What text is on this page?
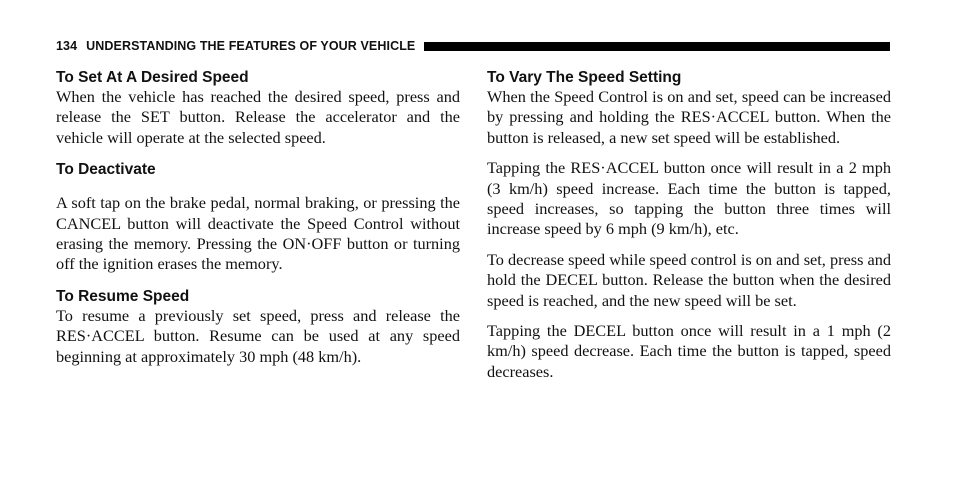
134 UNDERSTANDING THE FEATURES OF YOUR VEHICLE
To Set At A Desired Speed

When the vehicle has reached the desired speed, press and release the SET button. Release the accelerator and the vehicle will operate at the selected speed.

To Deactivate

A soft tap on the brake pedal, normal braking, or pressing the CANCEL button will deactivate the Speed Control without erasing the memory. Pressing the ON·OFF button or turning off the ignition erases the memory.

To Resume Speed

To resume a previously set speed, press and release the RES·ACCEL button. Resume can be used at any speed beginning at approximately 30 mph (48 km/h).

To Vary The Speed Setting

When the Speed Control is on and set, speed can be increased by pressing and holding the RES·ACCEL button. When the button is released, a new set speed will be established.

Tapping the RES·ACCEL button once will result in a 2 mph (3 km/h) speed increase. Each time the button is tapped, speed increases, so tapping the button three times will increase speed by 6 mph (9 km/h), etc.

To decrease speed while speed control is on and set, press and hold the DECEL button. Release the button when the desired speed is reached, and the new speed will be set.

Tapping the DECEL button once will result in a 1 mph (2 km/h) speed decrease. Each time the button is tapped, speed decreases.
